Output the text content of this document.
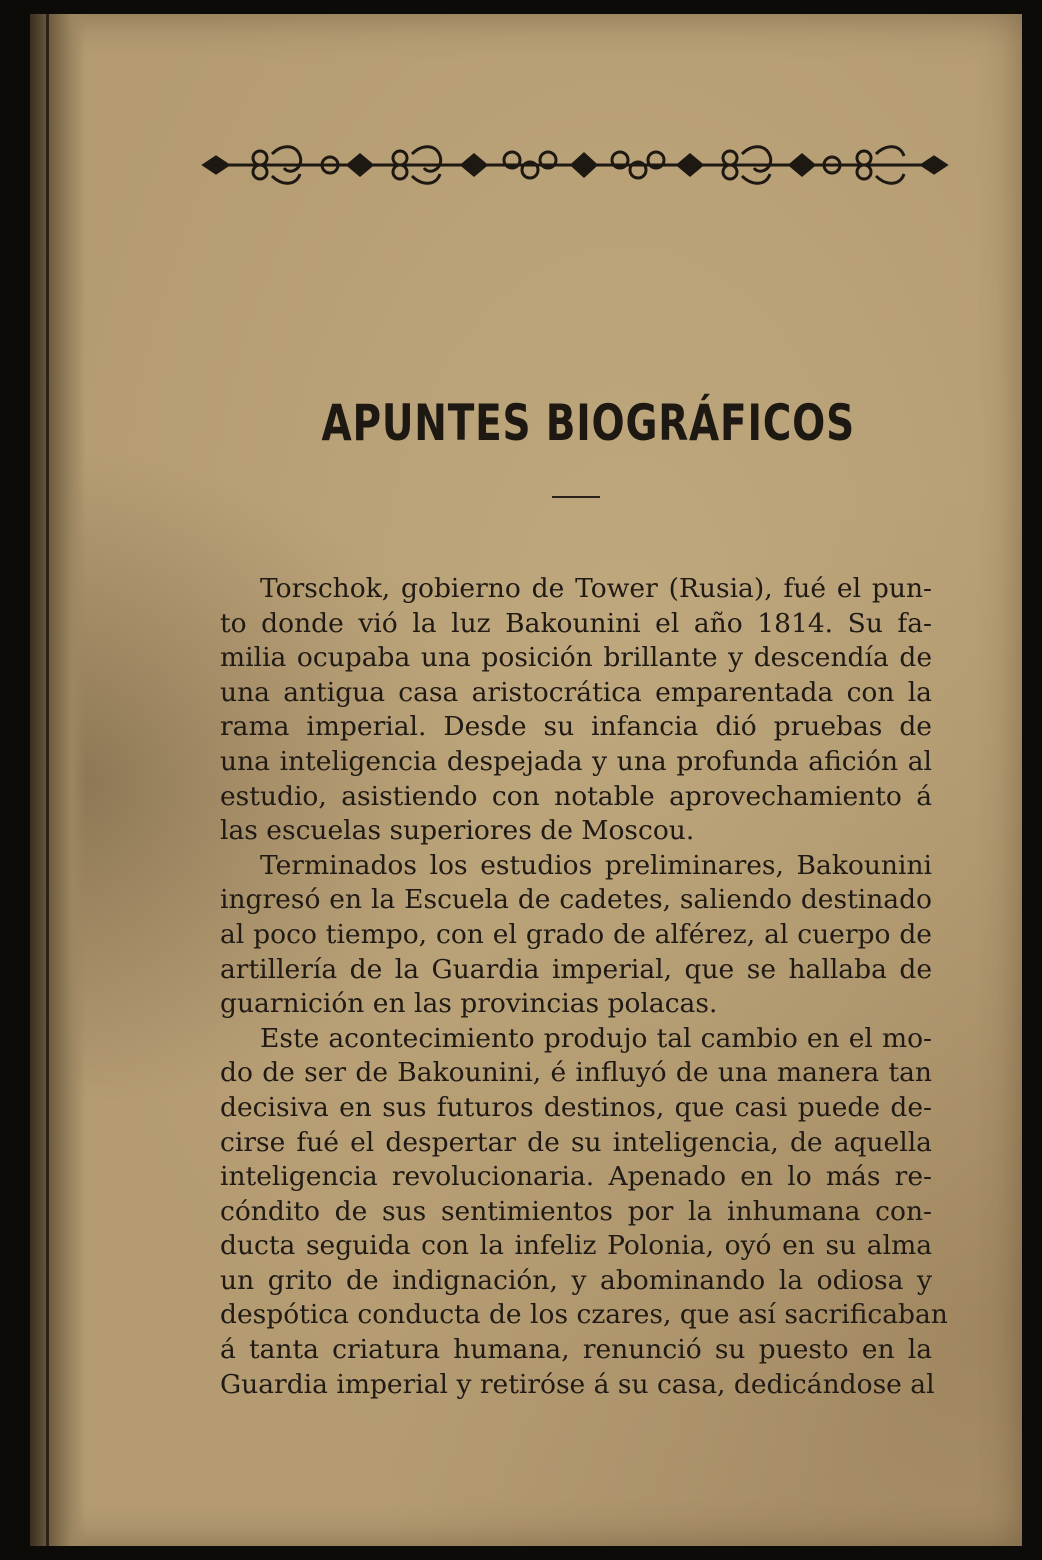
APUNTES BIOGRÁFICOS
Torschok, gobierno de Tower (Rusia), fué el pun-
to donde vió la luz Bakounini el año 1814. Su fa-
milia ocupaba una posición brillante y descendía de
una antigua casa aristocrática emparentada con la
rama imperial. Desde su infancia dió pruebas de
una inteligencia despejada y una profunda afición al
estudio, asistiendo con notable aprovechamiento á
las escuelas superiores de Moscou.
Terminados los estudios preliminares, Bakounini
ingresó en la Escuela de cadetes, saliendo destinado
al poco tiempo, con el grado de alférez, al cuerpo de
artillería de la Guardia imperial, que se hallaba de
guarnición en las provincias polacas.
Este acontecimiento produjo tal cambio en el mo-
do de ser de Bakounini, é influyó de una manera tan
decisiva en sus futuros destinos, que casi puede de-
cirse fué el despertar de su inteligencia, de aquella
inteligencia revolucionaria. Apenado en lo más re-
cóndito de sus sentimientos por la inhumana con-
ducta seguida con la infeliz Polonia, oyó en su alma
un grito de indignación, y abominando la odiosa y
despótica conducta de los czares, que así sacrificaban
á tanta criatura humana, renunció su puesto en la
Guardia imperial y retiróse á su casa, dedicándose al
